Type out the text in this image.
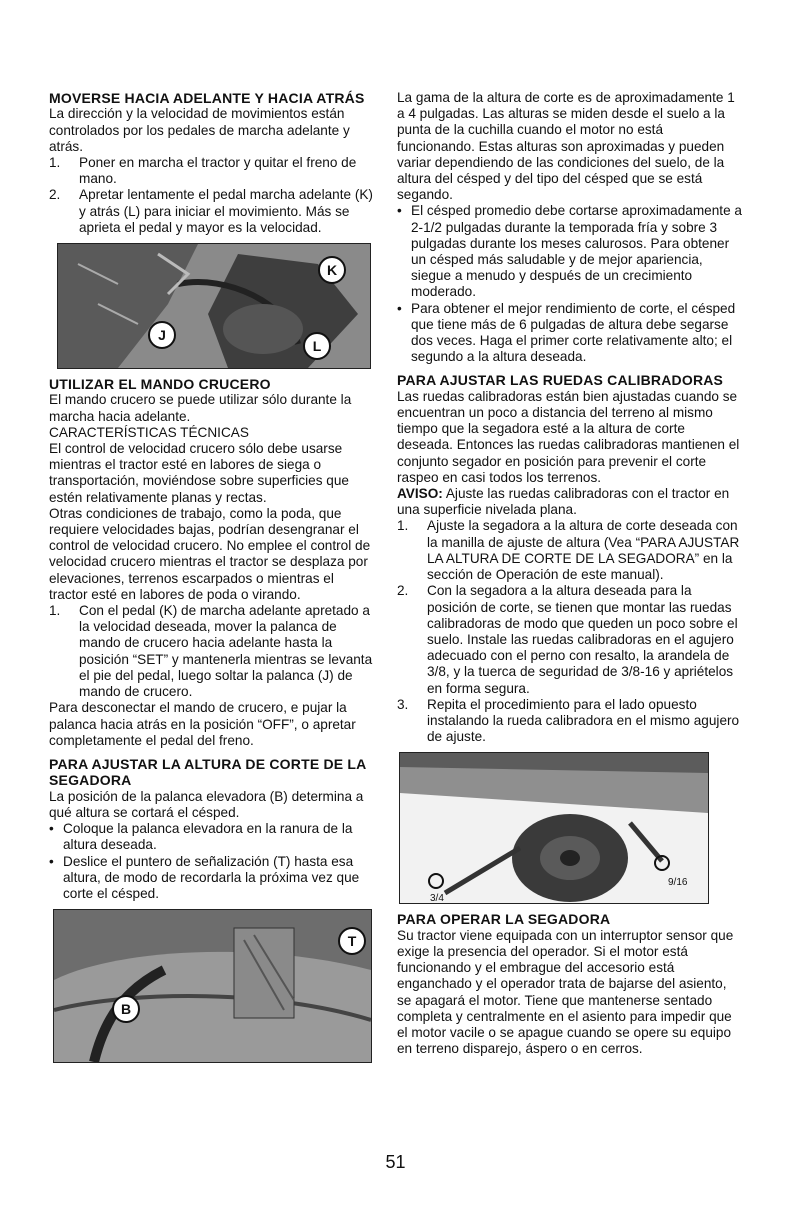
MOVERSE HACIA ADELANTE Y HACIA ATRÁS

La dirección y la velocidad de movimientos están controlados por los pedales de marcha adelante y atrás.

1.	Poner en marcha el tractor y quitar el freno de mano.
2.	Apretar lentamente el pedal marcha adelante (K) y atrás (L) para iniciar el movimiento. Más se aprieta el pedal y mayor es la velocidad.
K
J
L

UTILIZAR EL MANDO CRUCERO

El mando crucero se puede utilizar sólo durante la marcha hacia adelante.

CARACTERÍSTICAS TÉCNICAS

El control de velocidad crucero sólo debe usarse mientras el tractor esté en labores de siega o transportación, moviéndose sobre superficies que estén relativamente planas y rectas.

Otras condiciones de trabajo, como la poda, que requiere velocidades bajas, podrían desengranar el control de velocidad crucero. No emplee el control de velocidad crucero mientras el tractor se desplaza por elevaciones, terrenos escarpados o mientras el tractor esté en labores de poda o virando.

1.	Con el pedal (K) de marcha adelante apretado a la velocidad deseada, mover la palanca de mando de crucero hacia adelante hasta la posición “SET” y mantenerla mientras se levanta el pie del pedal, luego soltar la palanca (J) de mando de crucero.

Para desconectar el mando de crucero, e pujar la palanca hacia atrás en la posición “OFF”, o apretar completamente el pedal del freno.

PARA AJUSTAR LA ALTURA DE CORTE DE LA SEGADORA

La posición de la palanca elevadora (B) determina a qué altura se cortará el césped.

• Coloque la palanca elevadora en la ranura de la altura deseada.
• Deslice el puntero de señalización (T) hasta esa altura, de modo de recordarla la próxima vez que corte el césped.
B
T

La gama de la altura de corte es de aproximadamente 1 a 4 pulgadas. Las alturas se miden desde el suelo a la punta de la cuchilla cuando el motor no está funcionando. Estas alturas son aproximadas y pueden variar dependiendo de las condiciones del suelo, de la altura del césped y del tipo del césped que se está segando.

• El césped promedio debe cortarse aproximadamente a 2-1/2 pulgadas durante la temporada fría y sobre 3 pulgadas durante los meses calurosos. Para obtener un césped más saludable y de mejor apariencia, siegue a menudo y después de un crecimiento moderado.
• Para obtener el mejor rendimiento de corte, el césped que tiene más de 6 pulgadas de altura debe segarse dos veces. Haga el primer corte relativamente alto; el segundo a la altura deseada.

PARA AJUSTAR LAS RUEDAS CALIBRADORAS

Las ruedas calibradoras están bien ajustadas cuando se encuentran un poco a distancia del terreno al mismo tiempo que la segadora esté a la altura de corte deseada. Entonces las ruedas calibradoras mantienen el conjunto segador en posición para prevenir el corte raspeo en casi todos los terrenos.

AVISO: Ajuste las ruedas calibradoras con el tractor en una superficie nivelada plana.

1.	Ajuste la segadora a la altura de corte deseada con la manilla de ajuste de altura (Vea “PARA AJUSTAR LA ALTURA DE CORTE DE LA SEGADORA” en la sección de Operación de este manual).
2.	Con la segadora a la altura deseada para la posición de corte, se tienen que montar las ruedas calibradoras de modo que queden un poco sobre el suelo. Instale las ruedas calibradoras en el agujero adecuado con el perno con resalto, la arandela de 3/8, y la tuerca de seguridad de 3/8-16 y apriételos en forma segura.
3.	Repita el procedimiento para el lado opuesto instalando la rueda calibradora en el mismo agujero de ajuste.
9/16
3/4

PARA OPERAR LA SEGADORA

Su tractor viene equipada con un interruptor sensor que exige la presencia del operador. Si el motor está funcionando y el embrague del accesorio está enganchado y el operador trata de bajarse del asiento, se apagará el motor. Tiene que mantenerse sentado completa y centralmente en el asiento para impedir que el motor vacile o se apague cuando se opere su equipo en terreno disparejo, áspero o en cerros.

51
